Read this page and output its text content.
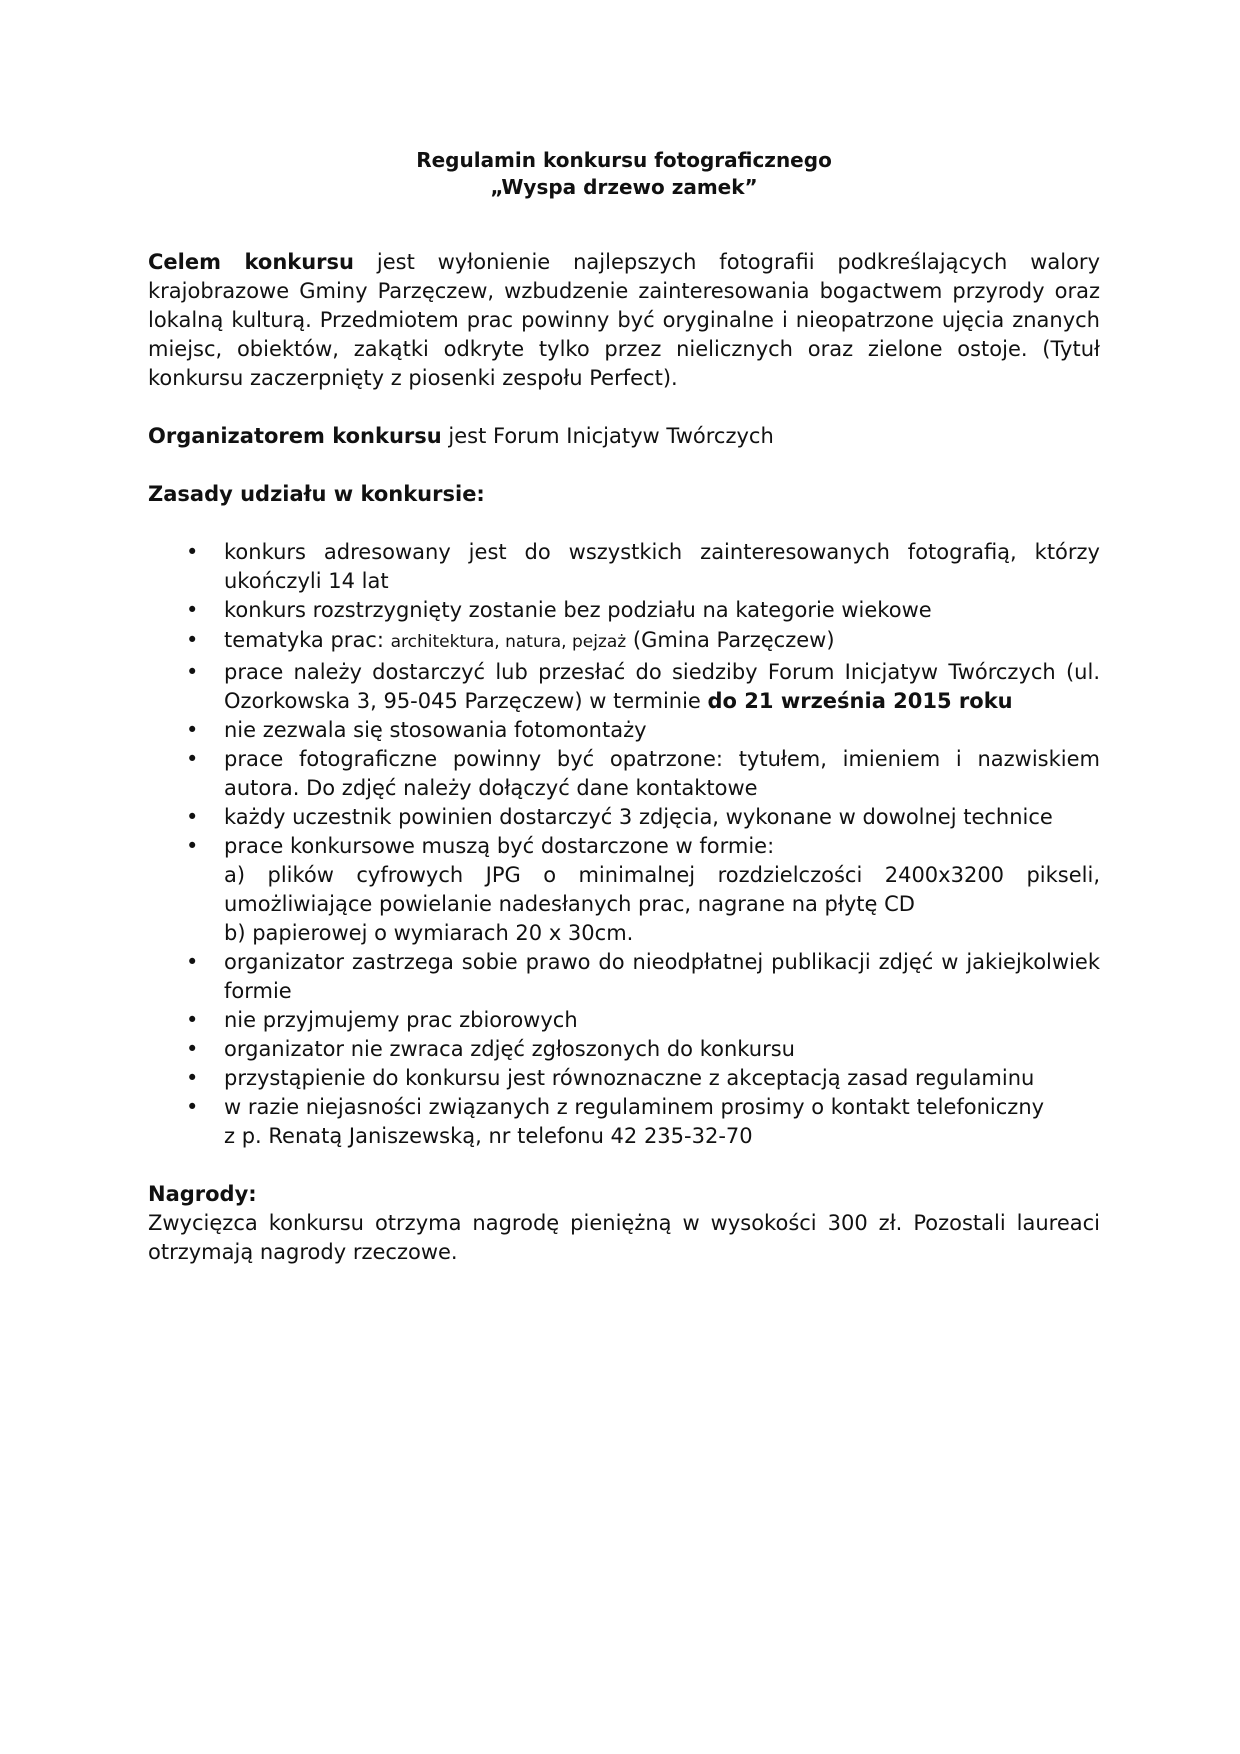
Regulamin konkursu fotograficznego

„Wyspa drzewo zamek”

Celem konkursu jest wyłonienie najlepszych fotografii podkreślających walory krajobrazowe Gminy Parzęczew, wzbudzenie zainteresowania bogactwem przyrody oraz lokalną kulturą. Przedmiotem prac powinny być oryginalne i nieopatrzone ujęcia znanych miejsc, obiektów, zakątki odkryte tylko przez nielicznych oraz zielone ostoje. (Tytuł konkursu zaczerpnięty z piosenki zespołu Perfect).

Organizatorem konkursu jest Forum Inicjatyw Twórczych

Zasady udziału w konkursie:

• konkurs adresowany jest do wszystkich zainteresowanych fotografią, którzy ukończyli 14 lat
• konkurs rozstrzygnięty zostanie bez podziału na kategorie wiekowe
• tematyka prac: architektura, natura, pejzaż (Gmina Parzęczew)
• prace należy dostarczyć lub przesłać do siedziby Forum Inicjatyw Twórczych (ul. Ozorkowska 3, 95-045 Parzęczew) w terminie do 21 września 2015 roku
• nie zezwala się stosowania fotomontaży
• prace fotograficzne powinny być opatrzone: tytułem, imieniem i nazwiskiem autora. Do zdjęć należy dołączyć dane kontaktowe
• każdy uczestnik powinien dostarczyć 3 zdjęcia, wykonane w dowolnej technice
• prace konkursowe muszą być dostarczone w formie:
a) plików cyfrowych JPG o minimalnej rozdzielczości 2400x3200 pikseli, umożliwiające powielanie nadesłanych prac, nagrane na płytę CD
b) papierowej o wymiarach 20 x 30cm.
• organizator zastrzega sobie prawo do nieodpłatnej publikacji zdjęć w jakiejkolwiek formie
• nie przyjmujemy prac zbiorowych
• organizator nie zwraca zdjęć zgłoszonych do konkursu
• przystąpienie do konkursu jest równoznaczne z akceptacją zasad regulaminu
• w razie niejasności związanych z regulaminem prosimy o kontakt telefoniczny
z p. Renatą Janiszewską, nr telefonu 42 235-32-70

Nagrody:

Zwycięzca konkursu otrzyma nagrodę pieniężną w wysokości 300 zł. Pozostali laureaci otrzymają nagrody rzeczowe.
